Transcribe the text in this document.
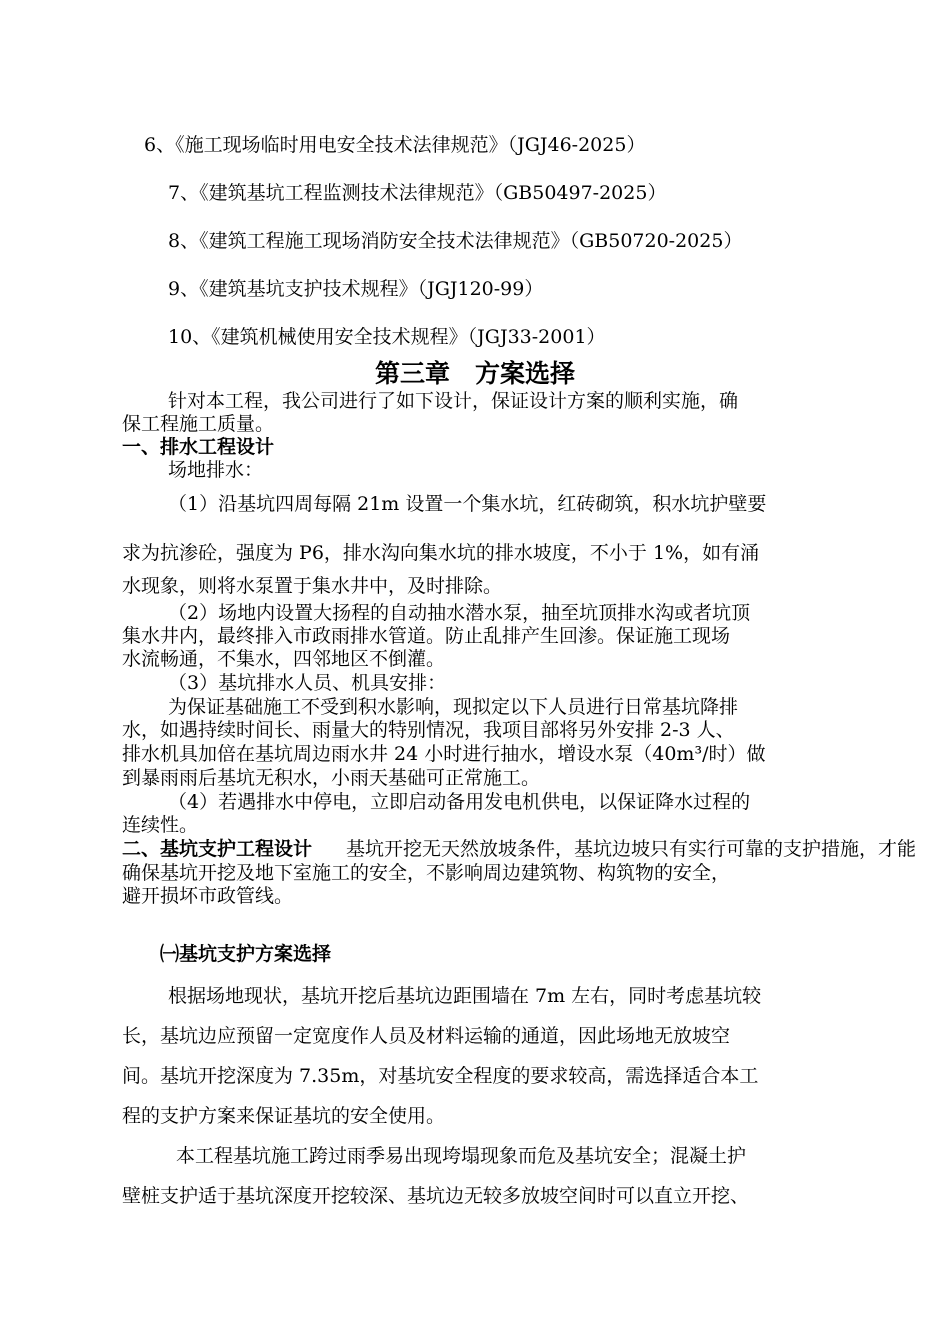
6、《施工现场临时用电安全技术法律规范》（JGJ46-2025）
7、《建筑基坑工程监测技术法律规范》（GB50497-2025）
8、《建筑工程施工现场消防安全技术法律规范》（GB50720-2025）
9、《建筑基坑支护技术规程》（JGJ120-99）
10、《建筑机械使用安全技术规程》（JGJ33-2001）
第三章　方案选择
针对本工程，我公司进行了如下设计，保证设计方案的顺利实施，确
保工程施工质量。
一、排水工程设计
场地排水：
（1）沿基坑四周每隔 21m 设置一个集水坑，红砖砌筑，积水坑护壁要
求为抗渗砼，强度为 P6，排水沟向集水坑的排水坡度，不小于 1%，如有涌
水现象，则将水泵置于集水井中，及时排除。
（2）场地内设置大扬程的自动抽水潜水泵，抽至坑顶排水沟或者坑顶
集水井内，最终排入市政雨排水管道。防止乱排产生回渗。保证施工现场
水流畅通，不集水，四邻地区不倒灌。
（3）基坑排水人员、机具安排：
为保证基础施工不受到积水影响，现拟定以下人员进行日常基坑降排
水，如遇持续时间长、雨量大的特别情况，我项目部将另外安排 2-3 人、
排水机具加倍在基坑周边雨水井 24 小时进行抽水，增设水泵（40m³/时）做
到暴雨雨后基坑无积水，小雨天基础可正常施工。
（4）若遇排水中停电，立即启动备用发电机供电，以保证降水过程的
连续性。
二、基坑支护工程设计 基坑开挖无天然放坡条件，基坑边坡只有实行可靠的支护措施，才能
确保基坑开挖及地下室施工的安全，不影响周边建筑物、构筑物的安全，
避开损坏市政管线。
㈠基坑支护方案选择
根据场地现状，基坑开挖后基坑边距围墙在 7m 左右，同时考虑基坑较
长，基坑边应预留一定宽度作人员及材料运输的通道，因此场地无放坡空
间。基坑开挖深度为 7.35m，对基坑安全程度的要求较高，需选择适合本工
程的支护方案来保证基坑的安全使用。
本工程基坑施工跨过雨季易出现垮塌现象而危及基坑安全；混凝土护
壁桩支护适于基坑深度开挖较深、基坑边无较多放坡空间时可以直立开挖、
